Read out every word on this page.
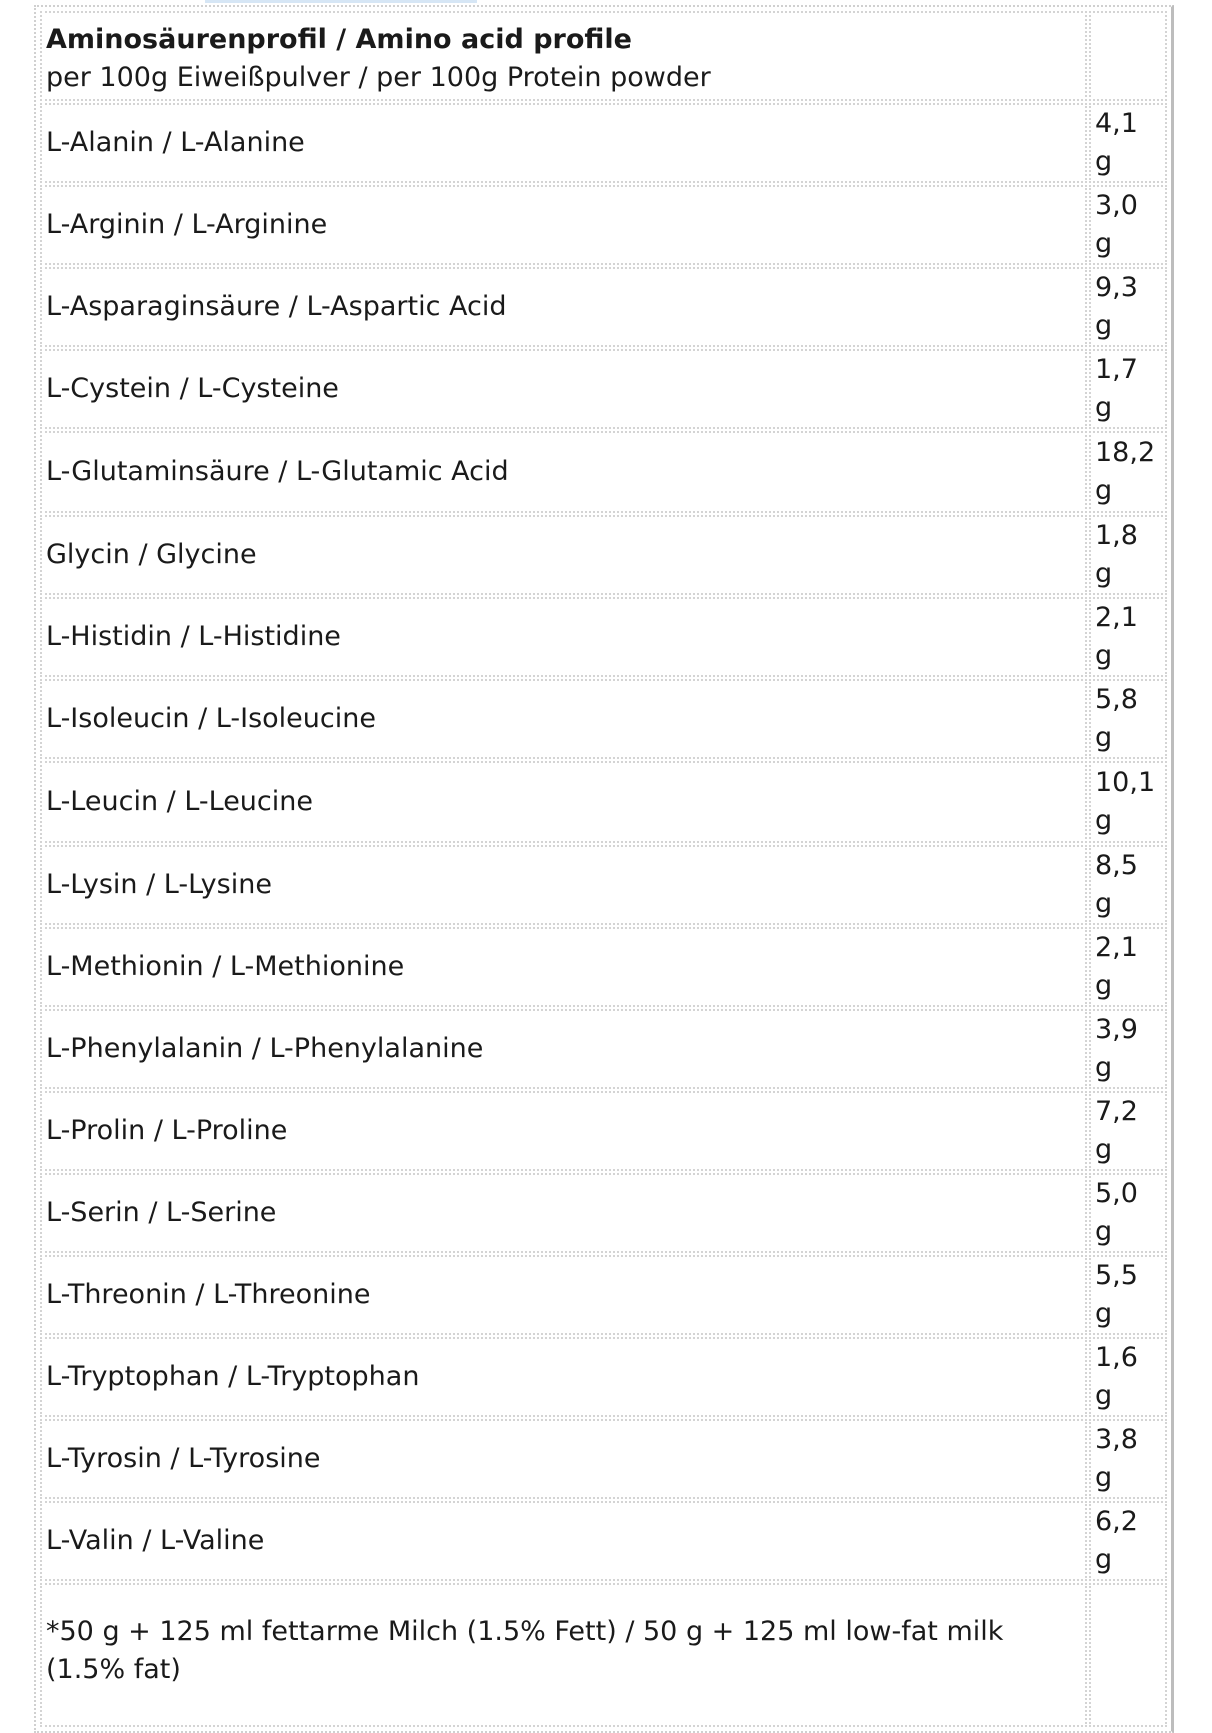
Aminosäurenprofil / Amino acid profile
per 100g Eiweißpulver / per 100g Protein powder	

L-Alanin / L-Alanine	4,1 g
L-Arginin / L-Arginine	3,0 g
L-Asparaginsäure / L-Aspartic Acid	9,3 g
L-Cystein / L-Cysteine	1,7 g
L-Glutaminsäure / L-Glutamic Acid	18,2 g
Glycin / Glycine	1,8 g
L-Histidin / L-Histidine	2,1 g
L-Isoleucin / L-Isoleucine	5,8 g
L-Leucin / L-Leucine	10,1 g
L-Lysin / L-Lysine	8,5 g
L-Methionin / L-Methionine	2,1 g
L-Phenylalanin / L-Phenylalanine	3,9 g
L-Prolin / L-Proline	7,2 g
L-Serin / L-Serine	5,0 g
L-Threonin / L-Threonine	5,5 g
L-Tryptophan / L-Tryptophan	1,6 g
L-Tyrosin / L-Tyrosine	3,8 g
L-Valin / L-Valine	6,2 g
*50 g + 125 ml fettarme Milch (1.5% Fett) / 50 g + 125 ml low-fat milk (1.5% fat)	
